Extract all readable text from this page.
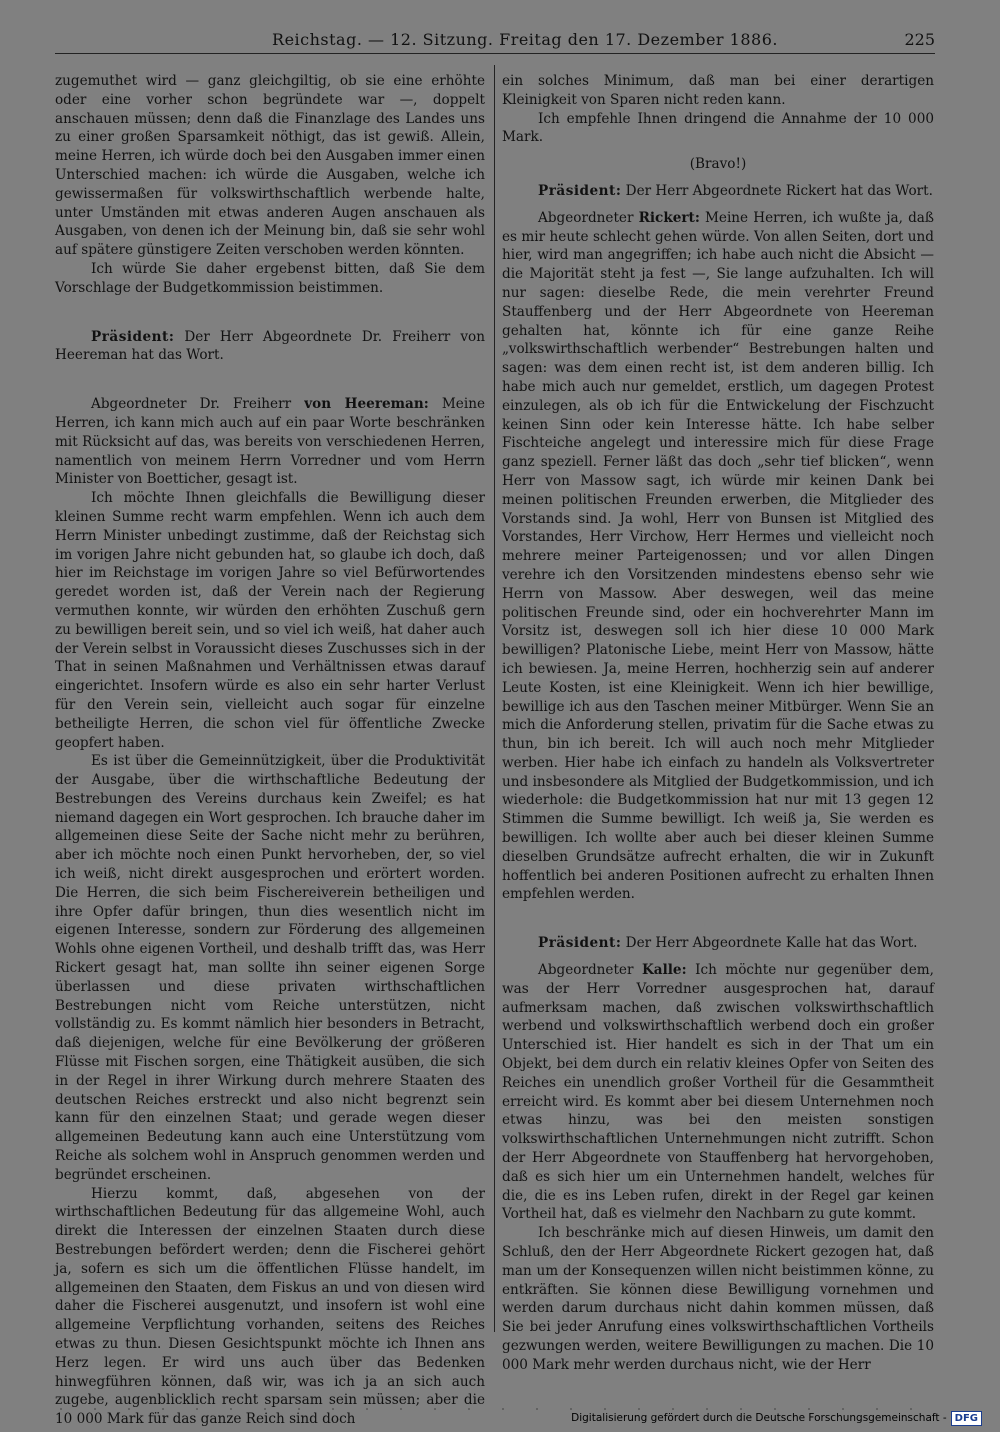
Reichstag. — 12. Sitzung. Freitag den 17. Dezember 1886.	225

zugemuthet wird — ganz gleichgiltig, ob sie eine erhöhte oder eine vorher schon begründete war —, doppelt anschauen müssen; denn daß die Finanzlage des Landes uns zu einer großen Sparsamkeit nöthigt, das ist gewiß. Allein, meine Herren, ich würde doch bei den Ausgaben immer einen Unterschied machen: ich würde die Ausgaben, welche ich gewissermaßen für volkswirthschaftlich werbende halte, unter Umständen mit etwas anderen Augen anschauen als Ausgaben, von denen ich der Meinung bin, daß sie sehr wohl auf spätere günstigere Zeiten verschoben werden könnten.

Ich würde Sie daher ergebenst bitten, daß Sie dem Vorschlage der Budgetkommission beistimmen.

Präsident: Der Herr Abgeordnete Dr. Freiherr von Heereman hat das Wort.

Abgeordneter Dr. Freiherr von Heereman: Meine Herren, ich kann mich auch auf ein paar Worte beschränken mit Rücksicht auf das, was bereits von verschiedenen Herren, namentlich von meinem Herrn Vorredner und vom Herrn Minister von Boetticher, gesagt ist.

Ich möchte Ihnen gleichfalls die Bewilligung dieser kleinen Summe recht warm empfehlen. Wenn ich auch dem Herrn Minister unbedingt zustimme, daß der Reichstag sich im vorigen Jahre nicht gebunden hat, so glaube ich doch, daß hier im Reichstage im vorigen Jahre so viel Befürwortendes geredet worden ist, daß der Verein nach der Regierung vermuthen konnte, wir würden den erhöhten Zuschuß gern zu bewilligen bereit sein, und so viel ich weiß, hat daher auch der Verein selbst in Voraussicht dieses Zuschusses sich in der That in seinen Maßnahmen und Verhältnissen etwas darauf eingerichtet. Insofern würde es also ein sehr harter Verlust für den Verein sein, vielleicht auch sogar für einzelne betheiligte Herren, die schon viel für öffentliche Zwecke geopfert haben.

Es ist über die Gemeinnützigkeit, über die Produktivität der Ausgabe, über die wirthschaftliche Bedeutung der Bestrebungen des Vereins durchaus kein Zweifel; es hat niemand dagegen ein Wort gesprochen. Ich brauche daher im allgemeinen diese Seite der Sache nicht mehr zu berühren, aber ich möchte noch einen Punkt hervorheben, der, so viel ich weiß, nicht direkt ausgesprochen und erörtert worden. Die Herren, die sich beim Fischereiverein betheiligen und ihre Opfer dafür bringen, thun dies wesentlich nicht im eigenen Interesse, sondern zur Förderung des allgemeinen Wohls ohne eigenen Vortheil, und deshalb trifft das, was Herr Rickert gesagt hat, man sollte ihn seiner eigenen Sorge überlassen und diese privaten wirthschaftlichen Bestrebungen nicht vom Reiche unterstützen, nicht vollständig zu. Es kommt nämlich hier besonders in Betracht, daß diejenigen, welche für eine Bevölkerung der größeren Flüsse mit Fischen sorgen, eine Thätigkeit ausüben, die sich in der Regel in ihrer Wirkung durch mehrere Staaten des deutschen Reiches erstreckt und also nicht begrenzt sein kann für den einzelnen Staat; und gerade wegen dieser allgemeinen Bedeutung kann auch eine Unterstützung vom Reiche als solchem wohl in Anspruch genommen werden und begründet erscheinen.

Hierzu kommt, daß, abgesehen von der wirthschaftlichen Bedeutung für das allgemeine Wohl, auch direkt die Interessen der einzelnen Staaten durch diese Bestrebungen befördert werden; denn die Fischerei gehört ja, sofern es sich um die öffentlichen Flüsse handelt, im allgemeinen den Staaten, dem Fiskus an und von diesen wird daher die Fischerei ausgenutzt, und insofern ist wohl eine allgemeine Verpflichtung vorhanden, seitens des Reiches etwas zu thun. Diesen Gesichtspunkt möchte ich Ihnen ans Herz legen. Er wird uns auch über das Bedenken hinwegführen können, daß wir, was ich ja an sich auch zugebe, augenblicklich recht sparsam sein müssen; aber die 10 000 Mark für das ganze Reich sind doch

ein solches Minimum, daß man bei einer derartigen Kleinigkeit von Sparen nicht reden kann.

Ich empfehle Ihnen dringend die Annahme der 10 000 Mark.

(Bravo!)

Präsident: Der Herr Abgeordnete Rickert hat das Wort.

Abgeordneter Rickert: Meine Herren, ich wußte ja, daß es mir heute schlecht gehen würde. Von allen Seiten, dort und hier, wird man angegriffen; ich habe auch nicht die Absicht — die Majorität steht ja fest —, Sie lange aufzuhalten. Ich will nur sagen: dieselbe Rede, die mein verehrter Freund Stauffenberg und der Herr Abgeordnete von Heereman gehalten hat, könnte ich für eine ganze Reihe „volkswirthschaftlich werbender“ Bestrebungen halten und sagen: was dem einen recht ist, ist dem anderen billig. Ich habe mich auch nur gemeldet, erstlich, um dagegen Protest einzulegen, als ob ich für die Entwickelung der Fischzucht keinen Sinn oder kein Interesse hätte. Ich habe selber Fischteiche angelegt und interessire mich für diese Frage ganz speziell. Ferner läßt das doch „sehr tief blicken“, wenn Herr von Massow sagt, ich würde mir keinen Dank bei meinen politischen Freunden erwerben, die Mitglieder des Vorstands sind. Ja wohl, Herr von Bunsen ist Mitglied des Vorstandes, Herr Virchow, Herr Hermes und vielleicht noch mehrere meiner Parteigenossen; und vor allen Dingen verehre ich den Vorsitzenden mindestens ebenso sehr wie Herrn von Massow. Aber deswegen, weil das meine politischen Freunde sind, oder ein hochverehrter Mann im Vorsitz ist, deswegen soll ich hier diese 10 000 Mark bewilligen? Platonische Liebe, meint Herr von Massow, hätte ich bewiesen. Ja, meine Herren, hochherzig sein auf anderer Leute Kosten, ist eine Kleinigkeit. Wenn ich hier bewillige, bewillige ich aus den Taschen meiner Mitbürger. Wenn Sie an mich die Anforderung stellen, privatim für die Sache etwas zu thun, bin ich bereit. Ich will auch noch mehr Mitglieder werben. Hier habe ich einfach zu handeln als Volksvertreter und insbesondere als Mitglied der Budgetkommission, und ich wiederhole: die Budgetkommission hat nur mit 13 gegen 12 Stimmen die Summe bewilligt. Ich weiß ja, Sie werden es bewilligen. Ich wollte aber auch bei dieser kleinen Summe dieselben Grundsätze aufrecht erhalten, die wir in Zukunft hoffentlich bei anderen Positionen aufrecht zu erhalten Ihnen empfehlen werden.

Präsident: Der Herr Abgeordnete Kalle hat das Wort.

Abgeordneter Kalle: Ich möchte nur gegenüber dem, was der Herr Vorredner ausgesprochen hat, darauf aufmerksam machen, daß zwischen volkswirthschaftlich werbend und volkswirthschaftlich werbend doch ein großer Unterschied ist. Hier handelt es sich in der That um ein Objekt, bei dem durch ein relativ kleines Opfer von Seiten des Reiches ein unendlich großer Vortheil für die Gesammtheit erreicht wird. Es kommt aber bei diesem Unternehmen noch etwas hinzu, was bei den meisten sonstigen volkswirthschaftlichen Unternehmungen nicht zutrifft. Schon der Herr Abgeordnete von Stauffenberg hat hervorgehoben, daß es sich hier um ein Unternehmen handelt, welches für die, die es ins Leben rufen, direkt in der Regel gar keinen Vortheil hat, daß es vielmehr den Nachbarn zu gute kommt.

Ich beschränke mich auf diesen Hinweis, um damit den Schluß, den der Herr Abgeordnete Rickert gezogen hat, daß man um der Konsequenzen willen nicht beistimmen könne, zu entkräften. Sie können diese Bewilligung vornehmen und werden darum durchaus nicht dahin kommen müssen, daß Sie bei jeder Anrufung eines volkswirthschaftlichen Vortheils gezwungen werden, weitere Bewilligungen zu machen. Die 10 000 Mark mehr werden durchaus nicht, wie der Herr

Digitalisierung gefördert durch die Deutsche Forschungsgemeinschaft - DFG
